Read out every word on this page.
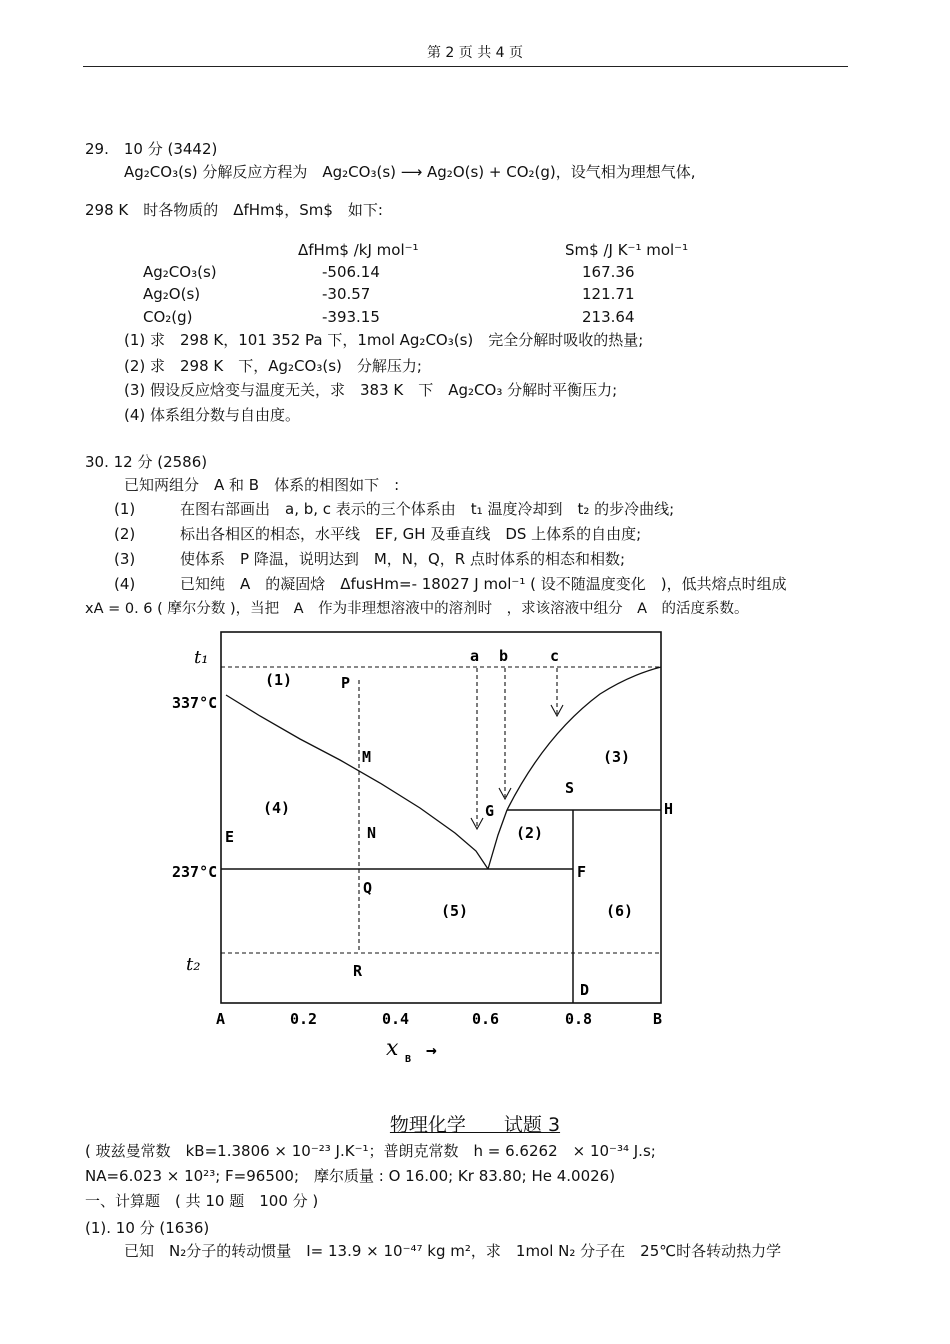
第 2 页 共 4 页
29.　10 分 (3442)
Ag₂CO₃(s) 分解反应方程为　Ag₂CO₃(s) ⟶ Ag₂O(s) + CO₂(g)，设气相为理想气体,
298 K　时各物质的　ΔfHm$，Sm$　如下:
ΔfHm$ /kJ mol⁻¹	Sm$ /J K⁻¹ mol⁻¹
Ag₂CO₃(s)	-506.14	167.36
Ag₂O(s)	-30.57	121.71
CO₂(g)	-393.15	213.64
(1) 求　298 K，101 352 Pa 下，1mol Ag₂CO₃(s)　完全分解时吸收的热量;
(2) 求　298 K　下，Ag₂CO₃(s)　分解压力;
(3) 假设反应焓变与温度无关，求　383 K　下　Ag₂CO₃ 分解时平衡压力;
(4) 体系组分数与自由度。
30. 12 分 (2586)
已知两组分　A 和 B　体系的相图如下　:
(1)	在图右部画出　a, b, c 表示的三个体系由　t₁ 温度冷却到　t₂ 的步冷曲线;
(2)	标出各相区的相态，水平线　EF, GH 及垂直线　DS 上体系的自由度;
(3)	使体系　P 降温，说明达到　M，N，Q，R 点时体系的相态和相数;
(4)	已知纯　A　的凝固焓　ΔfusHm=- 18027 J mol⁻¹ ( 设不随温度变化　)，低共熔点时组成
xA = 0. 6 ( 摩尔分数 )，当把　A　作为非理想溶液中的溶剂时　，求该溶液中组分　A　的活度系数。
t₁
t₂
337°C
237°C
a b	c
P
M
N
Q
R
E
F
G	H
S
D
(1)
(2)
(3)
(4)
(5)	(6)
A	0.2	0.4	0.6	0.8	B
x B →
物理化学　　试题 3
( 玻兹曼常数　kB=1.3806 × 10⁻²³ J.K⁻¹；普朗克常数　h = 6.6262　× 10⁻³⁴ J.s;
NA=6.023 × 10²³; F=96500;　摩尔质量 : O 16.00; Kr 83.80; He 4.0026)
一、计算题　( 共 10 题　100 分 )
(1). 10 分 (1636)
已知　N₂分子的转动惯量　I= 13.9 × 10⁻⁴⁷ kg m²，求　1mol N₂ 分子在　25℃时各转动热力学
